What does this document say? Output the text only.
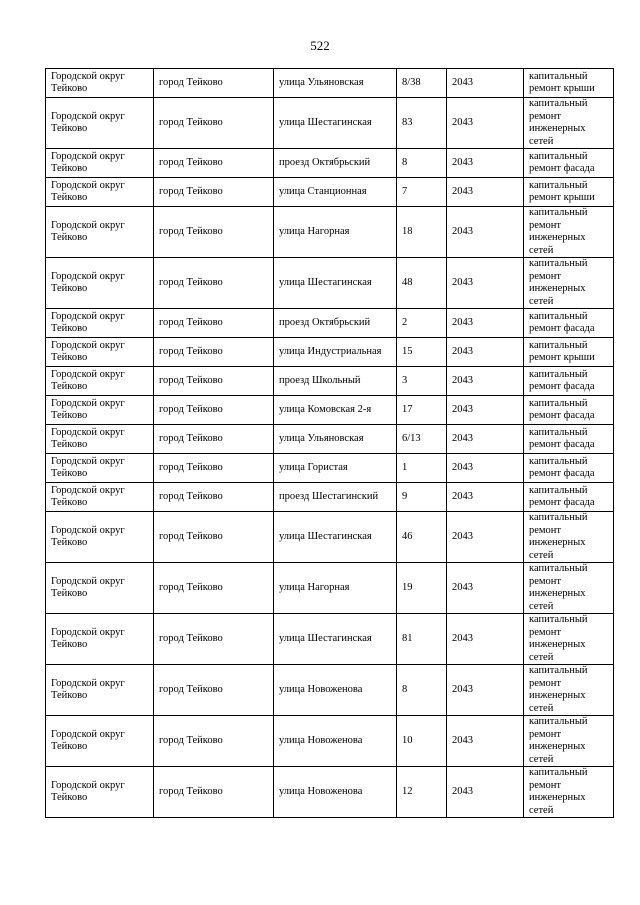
522
Городской округ Тейково	город Тейково	улица Ульяновская	8/38	2043	капитальный ремонт крыши
Городской округ Тейково	город Тейково	улица Шестагинская	83	2043	капитальный ремонт инженерных сетей
Городской округ Тейково	город Тейково	проезд Октябрьский	8	2043	капитальный ремонт фасада
Городской округ Тейково	город Тейково	улица Станционная	7	2043	капитальный ремонт крыши
Городской округ Тейково	город Тейково	улица Нагорная	18	2043	капитальный ремонт инженерных сетей
Городской округ Тейково	город Тейково	улица Шестагинская	48	2043	капитальный ремонт инженерных сетей
Городской округ Тейково	город Тейково	проезд Октябрьский	2	2043	капитальный ремонт фасада
Городской округ Тейково	город Тейково	улица Индустриальная	15	2043	капитальный ремонт крыши
Городской округ Тейково	город Тейково	проезд Школьный	3	2043	капитальный ремонт фасада
Городской округ Тейково	город Тейково	улица Комовская 2-я	17	2043	капитальный ремонт фасада
Городской округ Тейково	город Тейково	улица Ульяновская	6/13	2043	капитальный ремонт фасада
Городской округ Тейково	город Тейково	улица Гористая	1	2043	капитальный ремонт фасада
Городской округ Тейково	город Тейково	проезд Шестагинский	9	2043	капитальный ремонт фасада
Городской округ Тейково	город Тейково	улица Шестагинская	46	2043	капитальный ремонт инженерных сетей
Городской округ Тейково	город Тейково	улица Нагорная	19	2043	капитальный ремонт инженерных сетей
Городской округ Тейково	город Тейково	улица Шестагинская	81	2043	капитальный ремонт инженерных сетей
Городской округ Тейково	город Тейково	улица Новоженова	8	2043	капитальный ремонт инженерных сетей
Городской округ Тейково	город Тейково	улица Новоженова	10	2043	капитальный ремонт инженерных сетей
Городской округ Тейково	город Тейково	улица Новоженова	12	2043	капитальный ремонт инженерных сетей
